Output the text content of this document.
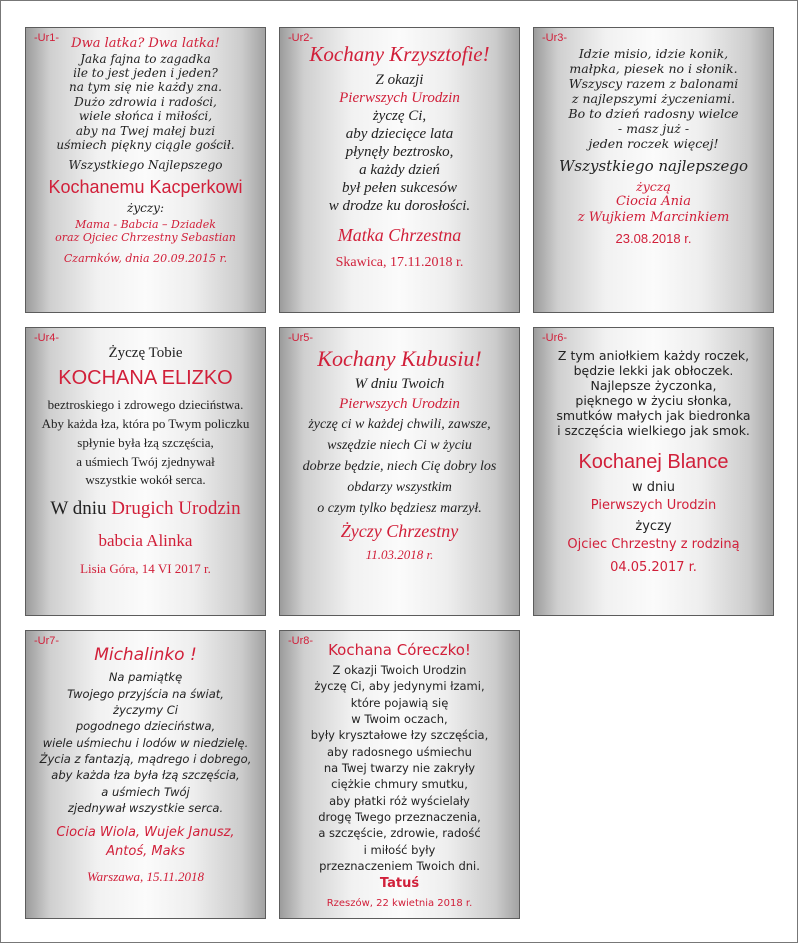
-Ur1- Dwa latka? Dwa latka!
Jaka fajna to zagadka
ile to jest jeden i jeden?
na tym się nie każdy zna.
Dużo zdrowia i radości,
wiele słońca i miłości,
aby na Twej małej buzi
uśmiech piękny ciągle gościł.
Wszystkiego Najlepszego
Kochanemu Kacperkowi
życzy:
Mama - Babcia – Dziadek
oraz Ojciec Chrzestny Sebastian
Czarnków, dnia 20.09.2015 r.
-Ur2-
Kochany Krzysztofie!
Z okazji
Pierwszych Urodzin
życzę Ci,
aby dziecięce lata
płynęły beztrosko,
a każdy dzień
był pełen sukcesów
w drodze ku dorosłości.
Matka Chrzestna
Skawica, 17.11.2018 r.
-Ur3-
Idzie misio, idzie konik,
małpka, piesek no i słonik.
Wszyscy razem z balonami
z najlepszymi życzeniami.
Bo to dzień radosny wielce
- masz już -
jeden roczek więcej!
Wszystkiego najlepszego
życzą
Ciocia Ania
z Wujkiem Marcinkiem
23.08.2018 r.
-Ur4-
Życzę Tobie
KOCHANA ELIZKO
beztroskiego i zdrowego dzieciństwa.
Aby każda łza, która po Twym policzku
spłynie była łzą szczęścia,
a uśmiech Twój zjednywał
wszystkie wokół serca.
W dniu Drugich Urodzin
babcia Alinka
Lisia Góra, 14 VI 2017 r.
-Ur5-
Kochany Kubusiu!
W dniu Twoich
Pierwszych Urodzin
życzę ci w każdej chwili, zawsze,
wszędzie niech Ci w życiu
dobrze będzie, niech Cię dobry los
obdarzy wszystkim
o czym tylko będziesz marzył.
Życzy Chrzestny
11.03.2018 r.
-Ur6-
Z tym aniołkiem każdy roczek,
będzie lekki jak obłoczek.
Najlepsze życzonka,
pięknego w życiu słonka,
smutków małych jak biedronka
i szczęścia wielkiego jak smok.
Kochanej Blance
w dniu
Pierwszych Urodzin
życzy
Ojciec Chrzestny z rodziną
04.05.2017 r.
-Ur7-
Michalinko !
Na pamiątkę
Twojego przyjścia na świat,
życzymy Ci
pogodnego dzieciństwa,
wiele uśmiechu i lodów w niedzielę.
Życia z fantazją, mądrego i dobrego,
aby każda łza była łzą szczęścia,
a uśmiech Twój
zjednywał wszystkie serca.
Ciocia Wiola, Wujek Janusz,
Antoś, Maks
Warszawa, 15.11.2018
-Ur8-	Kochana Córeczko!
Z okazji Twoich Urodzin
życzę Ci, aby jedynymi łzami,
które pojawią się
w Twoim oczach,
były kryształowe łzy szczęścia,
aby radosnego uśmiechu
na Twej twarzy nie zakryły
ciężkie chmury smutku,
aby płatki róż wyścielały
drogę Twego przeznaczenia,
a szczęście, zdrowie, radość
i miłość były
przeznaczeniem Twoich dni.
Tatuś
Rzeszów, 22 kwietnia 2018 r.
